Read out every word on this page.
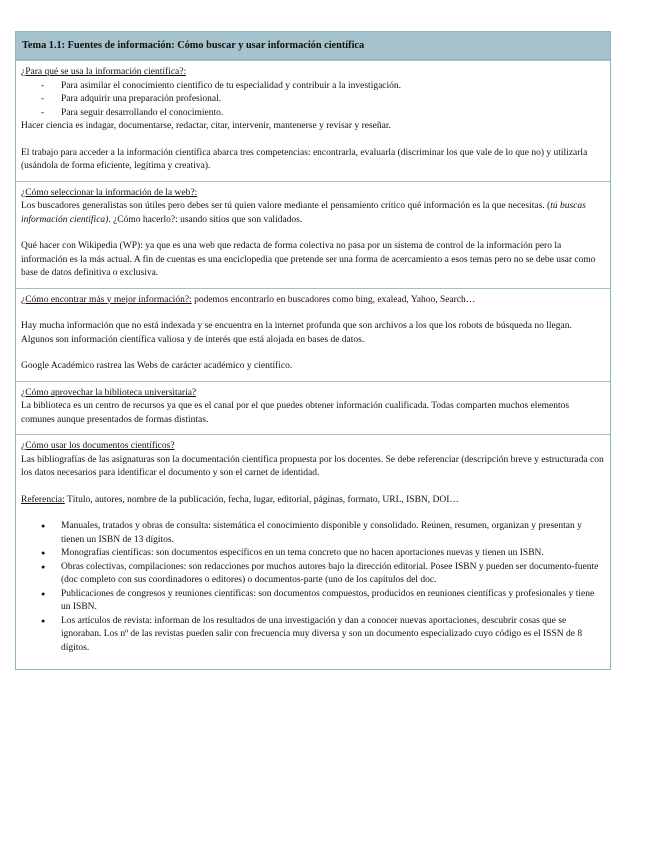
Tema 1.1: Fuentes de información: Cómo buscar y usar información científica

¿Para qué se usa la información científica?:

- Para asimilar el conocimiento científico de tu especialidad y contribuir a la investigación.
- Para adquirir una preparación profesional.
- Para seguir desarrollando el conocimiento.

Hacer ciencia es indagar, documentarse, redactar, citar, intervenir, mantenerse y revisar y reseñar.

El trabajo para acceder a la información científica abarca tres competencias: encontrarla, evaluarla (discriminar los que vale de lo que no) y utilizarla (usándola de forma eficiente, legítima y creativa).

¿Cómo seleccionar la información de la web?:

Los buscadores generalistas son útiles pero debes ser tú quien valore mediante el pensamiento crítico qué información es la que necesitas. (tú buscas información científica). ¿Cómo hacerlo?: usando sitios que son validados.

Qué hacer con Wikipedia (WP): ya que es una web que redacta de forma colectiva no pasa por un sistema de control de la información pero la información es la más actual. A fin de cuentas es una enciclopedia que pretende ser una forma de acercamiento a esos temas pero no se debe usar como base de datos definitiva o exclusiva.

¿Cómo encontrar más y mejor información?: podemos encontrarlo en buscadores como bing, exalead, Yahoo, Search…

Hay mucha información que no está indexada y se encuentra en la internet profunda que son archivos a los que los robots de búsqueda no llegan. Algunos son información científica valiosa y de interés que está alojada en bases de datos.

Google Académico rastrea las Webs de carácter académico y científico.

¿Cómo aprovechar la biblioteca universitaria?

La biblioteca es un centro de recursos ya que es el canal por el que puedes obtener información cualificada. Todas comparten muchos elementos comunes aunque presentados de formas distintas.

¿Cómo usar los documentos científicos?

Las bibliografías de las asignaturas son la documentación científica propuesta por los docentes. Se debe referenciar (descripción breve y estructurada con los datos necesarios para identificar el documento y son el carnet de identidad.

Referencia: Título, autores, nombre de la publicación, fecha, lugar, editorial, páginas, formato, URL, ISBN, DOI…

● Manuales, tratados y obras de consulta: sistemática el conocimiento disponible y consolidado. Reúnen, resumen, organizan y presentan y tienen un ISBN de 13 dígitos.
● Monografías científicas: son documentos específicos en un tema concreto que no hacen aportaciones nuevas y tienen un ISBN.
● Obras colectivas, compilaciones: son redacciones por muchos autores bajo la dirección editorial. Posee ISBN y pueden ser documento-fuente (doc completo con sus coordinadores o editores) o documentos-parte (uno de los capítulos del doc.
● Publicaciones de congresos y reuniones científicas: son documentos compuestos, producidos en reuniones científicas y profesionales y tiene un ISBN.
● Los artículos de revista: informan de los resultados de una investigación y dan a conocer nuevas aportaciones, descubrir cosas que se ignoraban. Los nº de las revistas pueden salir con frecuencia muy diversa y son un documento especializado cuyo código es el ISSN de 8 dígitos.
